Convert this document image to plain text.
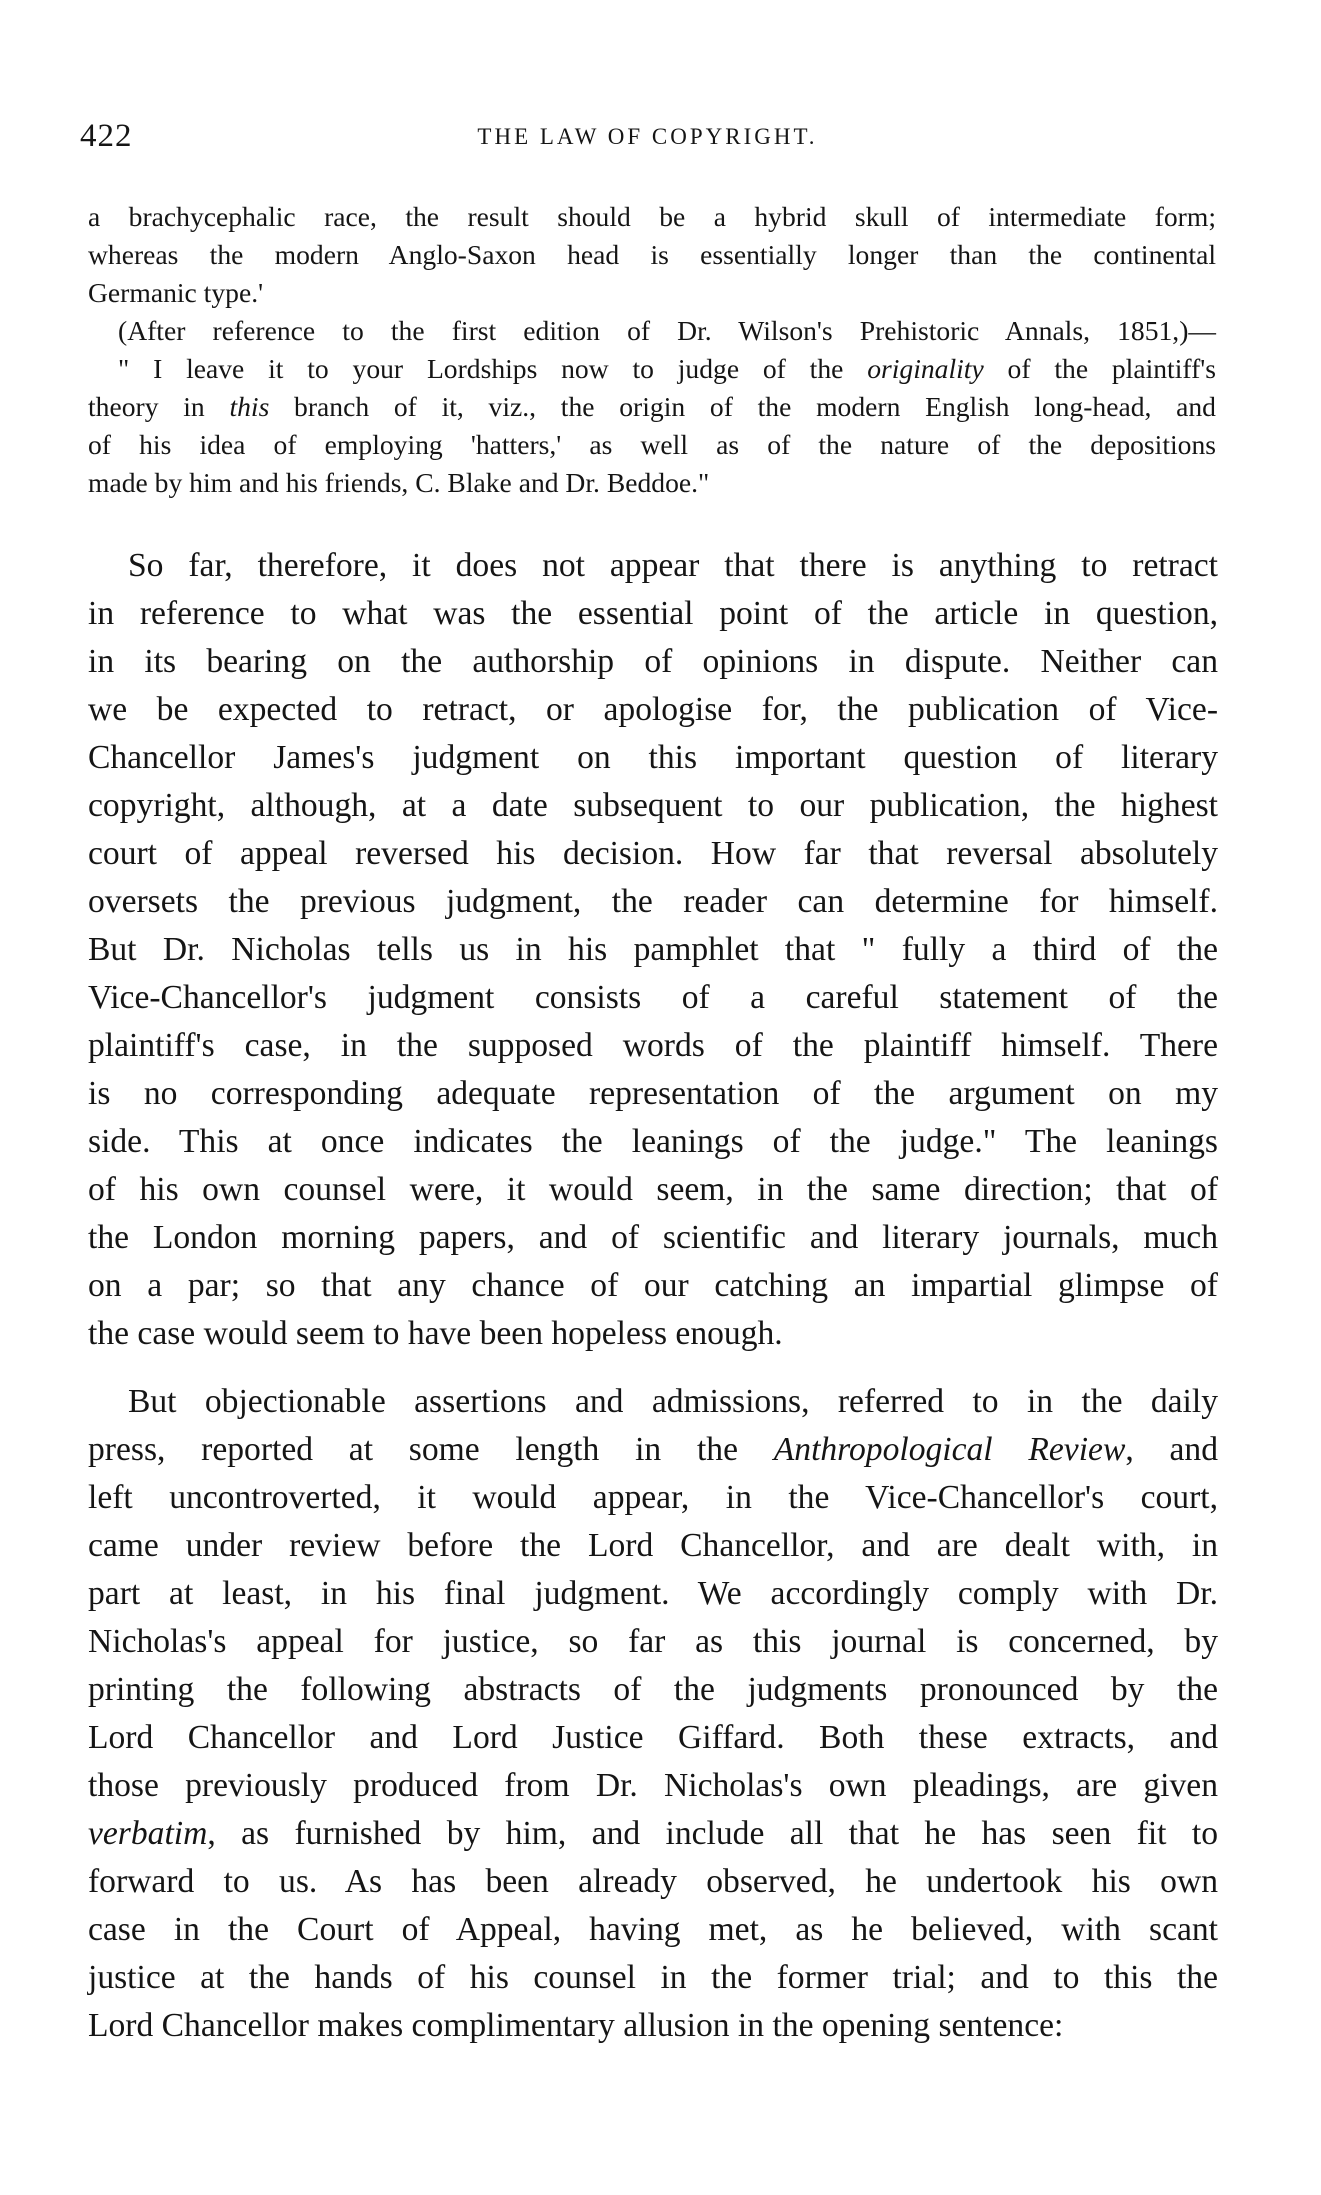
422	THE LAW OF COPYRIGHT.
a brachycephalic race, the result should be a hybrid skull of intermediate form;
whereas the modern Anglo-Saxon head is essentially longer than the continental
Germanic type.'
(After reference to the first edition of Dr. Wilson's Prehistoric Annals, 1851,)—
" I leave it to your Lordships now to judge of the originality of the plaintiff's
theory in this branch of it, viz., the origin of the modern English long-head, and
of his idea of employing 'hatters,' as well as of the nature of the depositions
made by him and his friends, C. Blake and Dr. Beddoe."
So far, therefore, it does not appear that there is anything to retract
in reference to what was the essential point of the article in question,
in its bearing on the authorship of opinions in dispute. Neither can
we be expected to retract, or apologise for, the publication of Vice-
Chancellor James's judgment on this important question of literary
copyright, although, at a date subsequent to our publication, the highest
court of appeal reversed his decision. How far that reversal absolutely
oversets the previous judgment, the reader can determine for himself.
But Dr. Nicholas tells us in his pamphlet that " fully a third of the
Vice-Chancellor's judgment consists of a careful statement of the
plaintiff's case, in the supposed words of the plaintiff himself. There
is no corresponding adequate representation of the argument on my
side. This at once indicates the leanings of the judge." The leanings
of his own counsel were, it would seem, in the same direction; that of
the London morning papers, and of scientific and literary journals, much
on a par; so that any chance of our catching an impartial glimpse of
the case would seem to have been hopeless enough.
But objectionable assertions and admissions, referred to in the daily
press, reported at some length in the Anthropological Review, and
left uncontroverted, it would appear, in the Vice-Chancellor's court,
came under review before the Lord Chancellor, and are dealt with, in
part at least, in his final judgment. We accordingly comply with Dr.
Nicholas's appeal for justice, so far as this journal is concerned, by
printing the following abstracts of the judgments pronounced by the
Lord Chancellor and Lord Justice Giffard. Both these extracts, and
those previously produced from Dr. Nicholas's own pleadings, are given
verbatim, as furnished by him, and include all that he has seen fit to
forward to us. As has been already observed, he undertook his own
case in the Court of Appeal, having met, as he believed, with scant
justice at the hands of his counsel in the former trial; and to this the
Lord Chancellor makes complimentary allusion in the opening sentence:
